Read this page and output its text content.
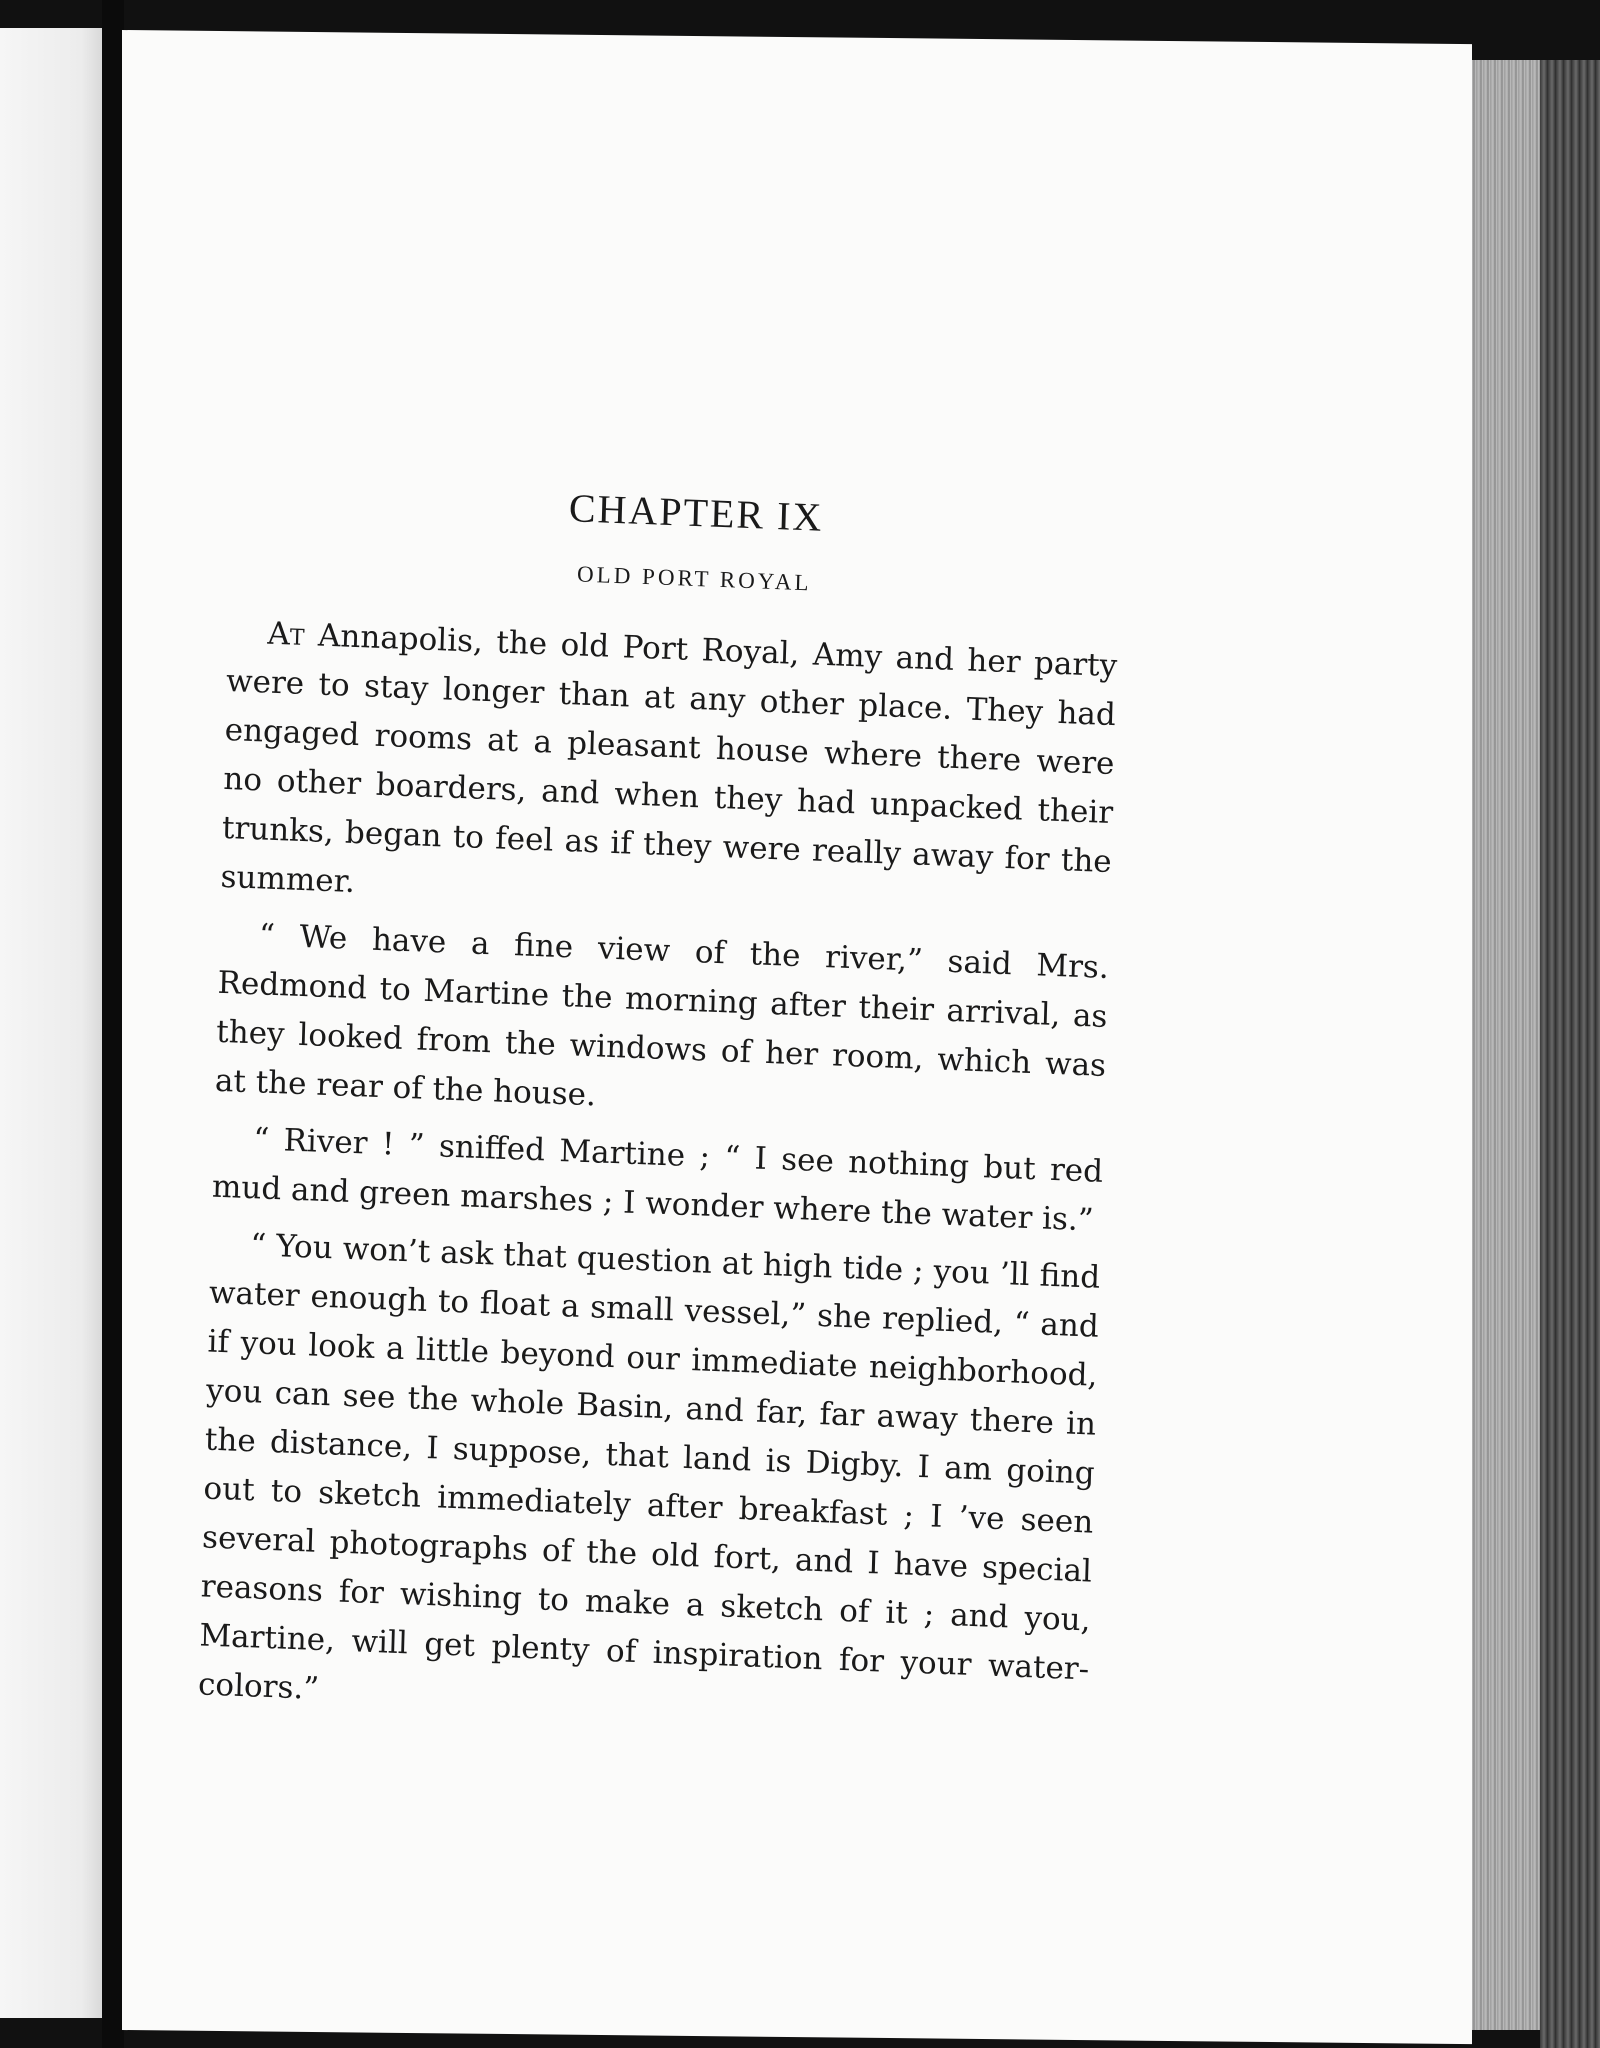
CHAPTER IX
OLD PORT ROYAL

At Annapolis, the old Port Royal, Amy and her party were to stay longer than at any other place. They had engaged rooms at a pleasant house where there were no other boarders, and when they had unpacked their trunks, began to feel as if they were really away for the summer.

“ We have a fine view of the river,” said Mrs. Redmond to Martine the morning after their arrival, as they looked from the windows of her room, which was at the rear of the house.

“ River ! ” sniffed Martine ; “ I see nothing but red mud and green marshes ; I wonder where the water is.”

“ You won’t ask that question at high tide ; you ’ll find water enough to float a small vessel,” she replied, “ and if you look a little beyond our immediate neighborhood, you can see the whole Basin, and far, far away there in the distance, I suppose, that land is Digby. I am going out to sketch immediately after breakfast ; I ’ve seen several photographs of the old fort, and I have special reasons for wishing to make a sketch of it ; and you, Martine, will get plenty of inspiration for your water-colors.”
